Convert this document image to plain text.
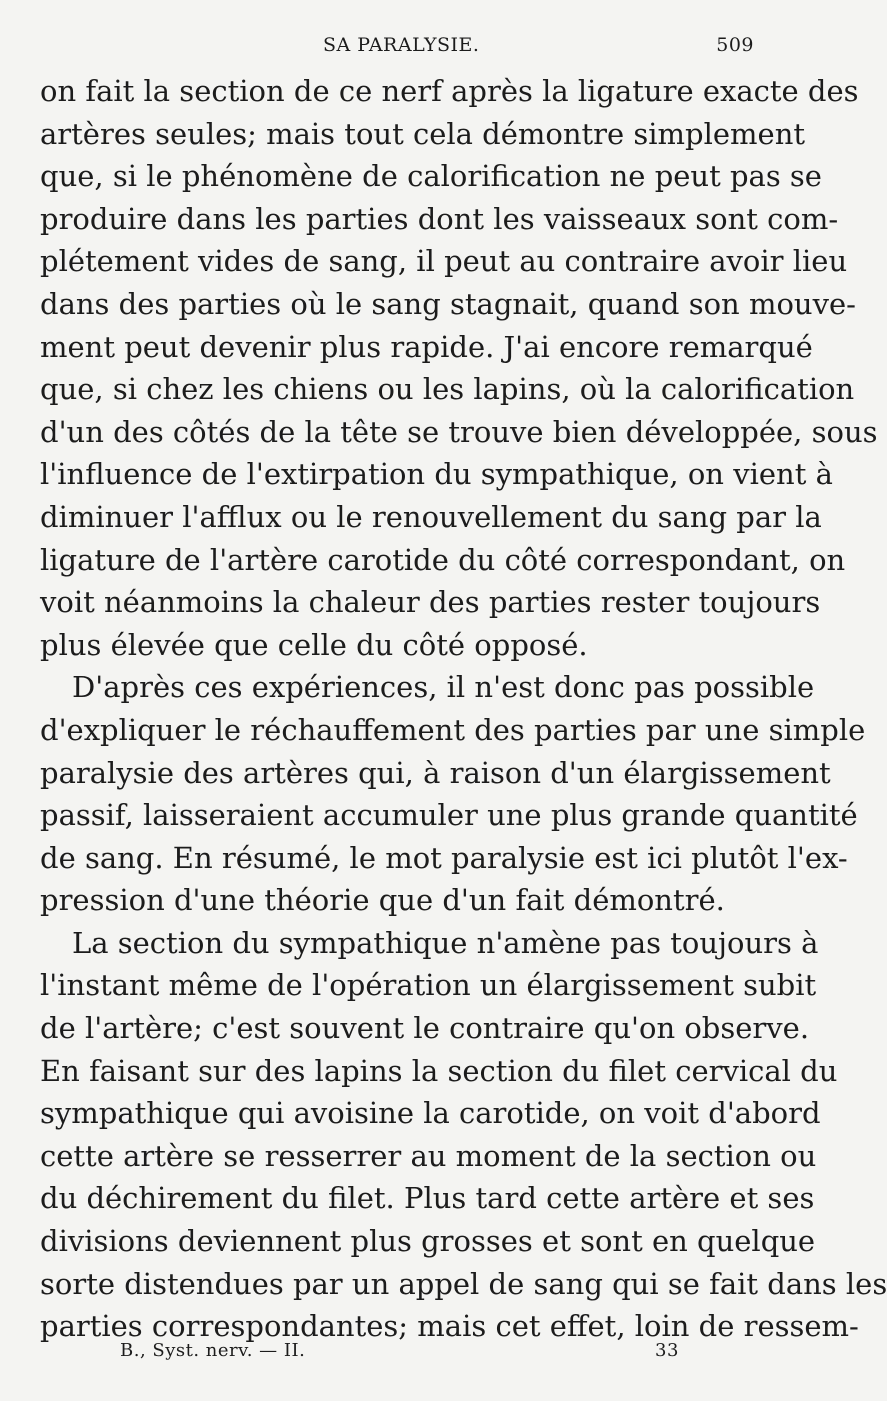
SA PARALYSIE.	509
on fait la section de ce nerf après la ligature exacte des
artères seules; mais tout cela démontre simplement
que, si le phénomène de calorification ne peut pas se
produire dans les parties dont les vaisseaux sont com-
plétement vides de sang, il peut au contraire avoir lieu
dans des parties où le sang stagnait, quand son mouve-
ment peut devenir plus rapide. J'ai encore remarqué
que, si chez les chiens ou les lapins, où la calorification
d'un des côtés de la tête se trouve bien développée, sous
l'influence de l'extirpation du sympathique, on vient à
diminuer l'afflux ou le renouvellement du sang par la
ligature de l'artère carotide du côté correspondant, on
voit néanmoins la chaleur des parties rester toujours
plus élevée que celle du côté opposé.
D'après ces expériences, il n'est donc pas possible
d'expliquer le réchauffement des parties par une simple
paralysie des artères qui, à raison d'un élargissement
passif, laisseraient accumuler une plus grande quantité
de sang. En résumé, le mot paralysie est ici plutôt l'ex-
pression d'une théorie que d'un fait démontré.
La section du sympathique n'amène pas toujours à
l'instant même de l'opération un élargissement subit
de l'artère; c'est souvent le contraire qu'on observe.
En faisant sur des lapins la section du filet cervical du
sympathique qui avoisine la carotide, on voit d'abord
cette artère se resserrer au moment de la section ou
du déchirement du filet. Plus tard cette artère et ses
divisions deviennent plus grosses et sont en quelque
sorte distendues par un appel de sang qui se fait dans les
parties correspondantes; mais cet effet, loin de ressem-
B., Syst. nerv. — II.	33
